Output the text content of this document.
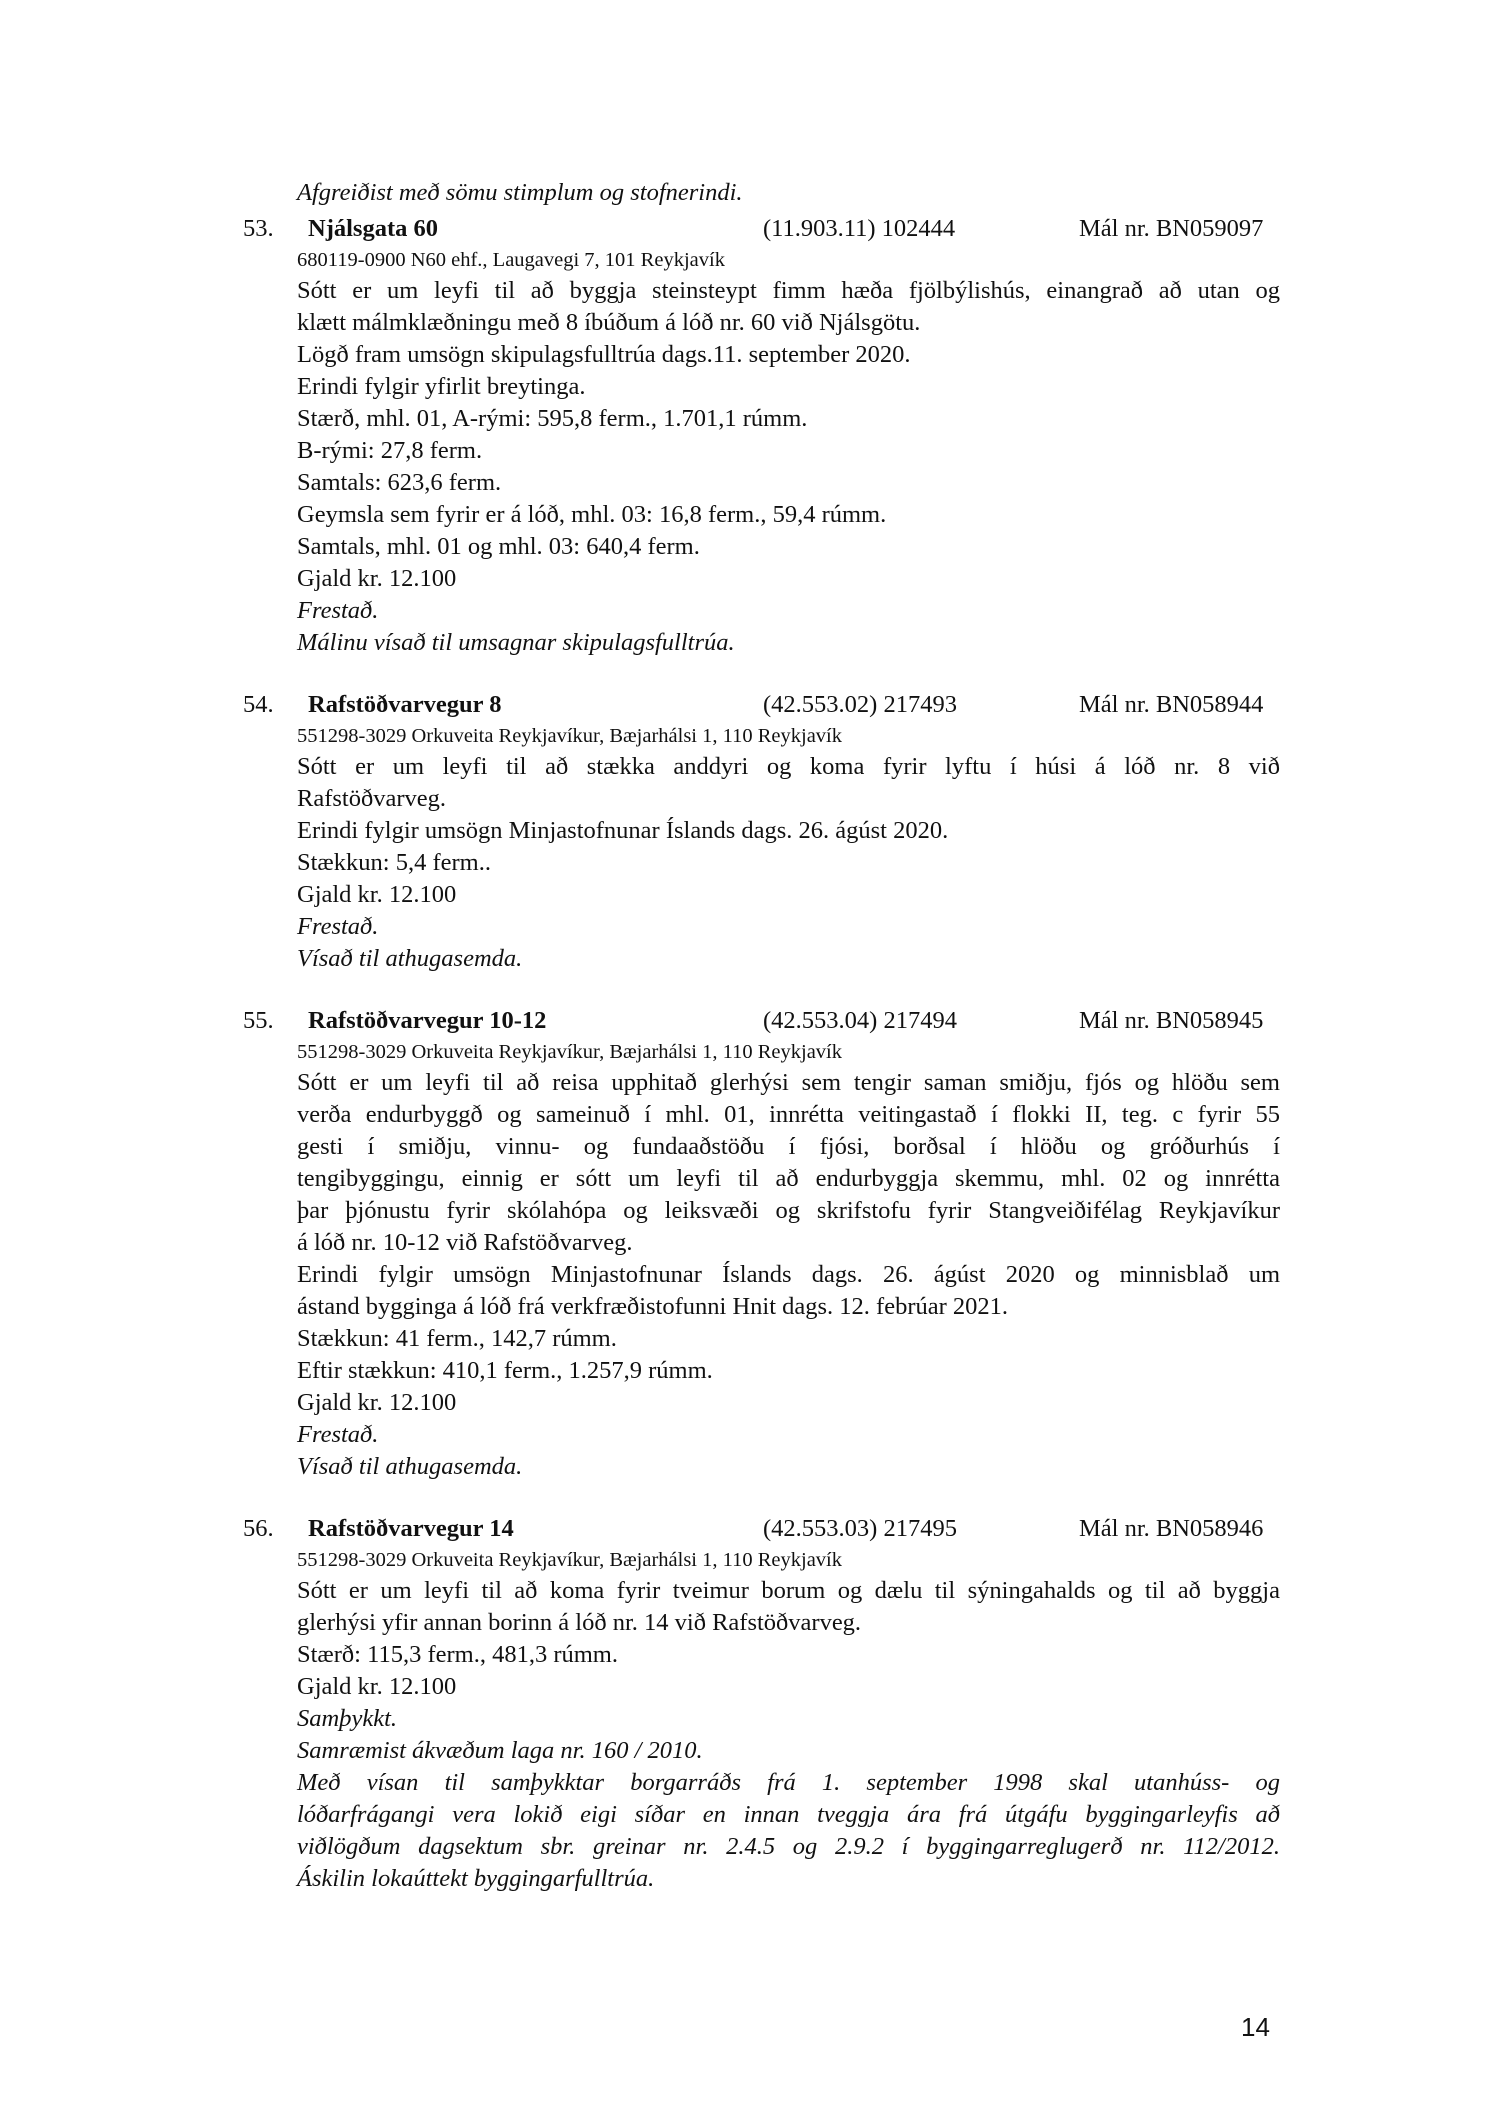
Afgreiðist með sömu stimplum og stofnerindi.
53. Njálsgata 60	(11.903.11) 102444	Mál nr. BN059097
680119-0900 N60 ehf., Laugavegi 7, 101 Reykjavík
Sótt er um leyfi til að byggja steinsteypt fimm hæða fjölbýlishús, einangrað að utan og
klætt málmklæðningu með 8 íbúðum á lóð nr. 60 við Njálsgötu.
Lögð fram umsögn skipulagsfulltrúa dags.11. september 2020.
Erindi fylgir yfirlit breytinga.
Stærð, mhl. 01, A-rými: 595,8 ferm., 1.701,1 rúmm.
B-rými: 27,8 ferm.
Samtals: 623,6 ferm.
Geymsla sem fyrir er á lóð, mhl. 03: 16,8 ferm., 59,4 rúmm.
Samtals, mhl. 01 og mhl. 03: 640,4 ferm.
Gjald kr. 12.100
Frestað.
Málinu vísað til umsagnar skipulagsfulltrúa.
54. Rafstöðvarvegur 8	(42.553.02) 217493	Mál nr. BN058944
551298-3029 Orkuveita Reykjavíkur, Bæjarhálsi 1, 110 Reykjavík
Sótt er um leyfi til að stækka anddyri og koma fyrir lyftu í húsi á lóð nr. 8 við
Rafstöðvarveg.
Erindi fylgir umsögn Minjastofnunar Íslands dags. 26. ágúst 2020.
Stækkun: 5,4 ferm..
Gjald kr. 12.100
Frestað.
Vísað til athugasemda.
55. Rafstöðvarvegur 10-12	(42.553.04) 217494	Mál nr. BN058945
551298-3029 Orkuveita Reykjavíkur, Bæjarhálsi 1, 110 Reykjavík
Sótt er um leyfi til að reisa upphitað glerhýsi sem tengir saman smiðju, fjós og hlöðu sem
verða endurbyggð og sameinuð í mhl. 01, innrétta veitingastað í flokki II, teg. c fyrir 55
gesti í smiðju, vinnu- og fundaaðstöðu í fjósi, borðsal í hlöðu og gróðurhús í
tengibyggingu, einnig er sótt um leyfi til að endurbyggja skemmu, mhl. 02 og innrétta
þar þjónustu fyrir skólahópa og leiksvæði og skrifstofu fyrir Stangveiðifélag Reykjavíkur
á lóð nr. 10-12 við Rafstöðvarveg.
Erindi fylgir umsögn Minjastofnunar Íslands dags. 26. ágúst 2020 og minnisblað um
ástand bygginga á lóð frá verkfræðistofunni Hnit dags. 12. febrúar 2021.
Stækkun: 41 ferm., 142,7 rúmm.
Eftir stækkun: 410,1 ferm., 1.257,9 rúmm.
Gjald kr. 12.100
Frestað.
Vísað til athugasemda.
56. Rafstöðvarvegur 14	(42.553.03) 217495	Mál nr. BN058946
551298-3029 Orkuveita Reykjavíkur, Bæjarhálsi 1, 110 Reykjavík
Sótt er um leyfi til að koma fyrir tveimur borum og dælu til sýningahalds og til að byggja
glerhýsi yfir annan borinn á lóð nr. 14 við Rafstöðvarveg.
Stærð: 115,3 ferm., 481,3 rúmm.
Gjald kr. 12.100
Samþykkt.
Samræmist ákvæðum laga nr. 160 / 2010.
Með vísan til samþykktar borgarráðs frá 1. september 1998 skal utanhúss- og
lóðarfrágangi vera lokið eigi síðar en innan tveggja ára frá útgáfu byggingarleyfis að
viðlögðum dagsektum sbr. greinar nr. 2.4.5 og 2.9.2 í byggingarreglugerð nr. 112/2012.
Áskilin lokaúttekt byggingarfulltrúa.
14
